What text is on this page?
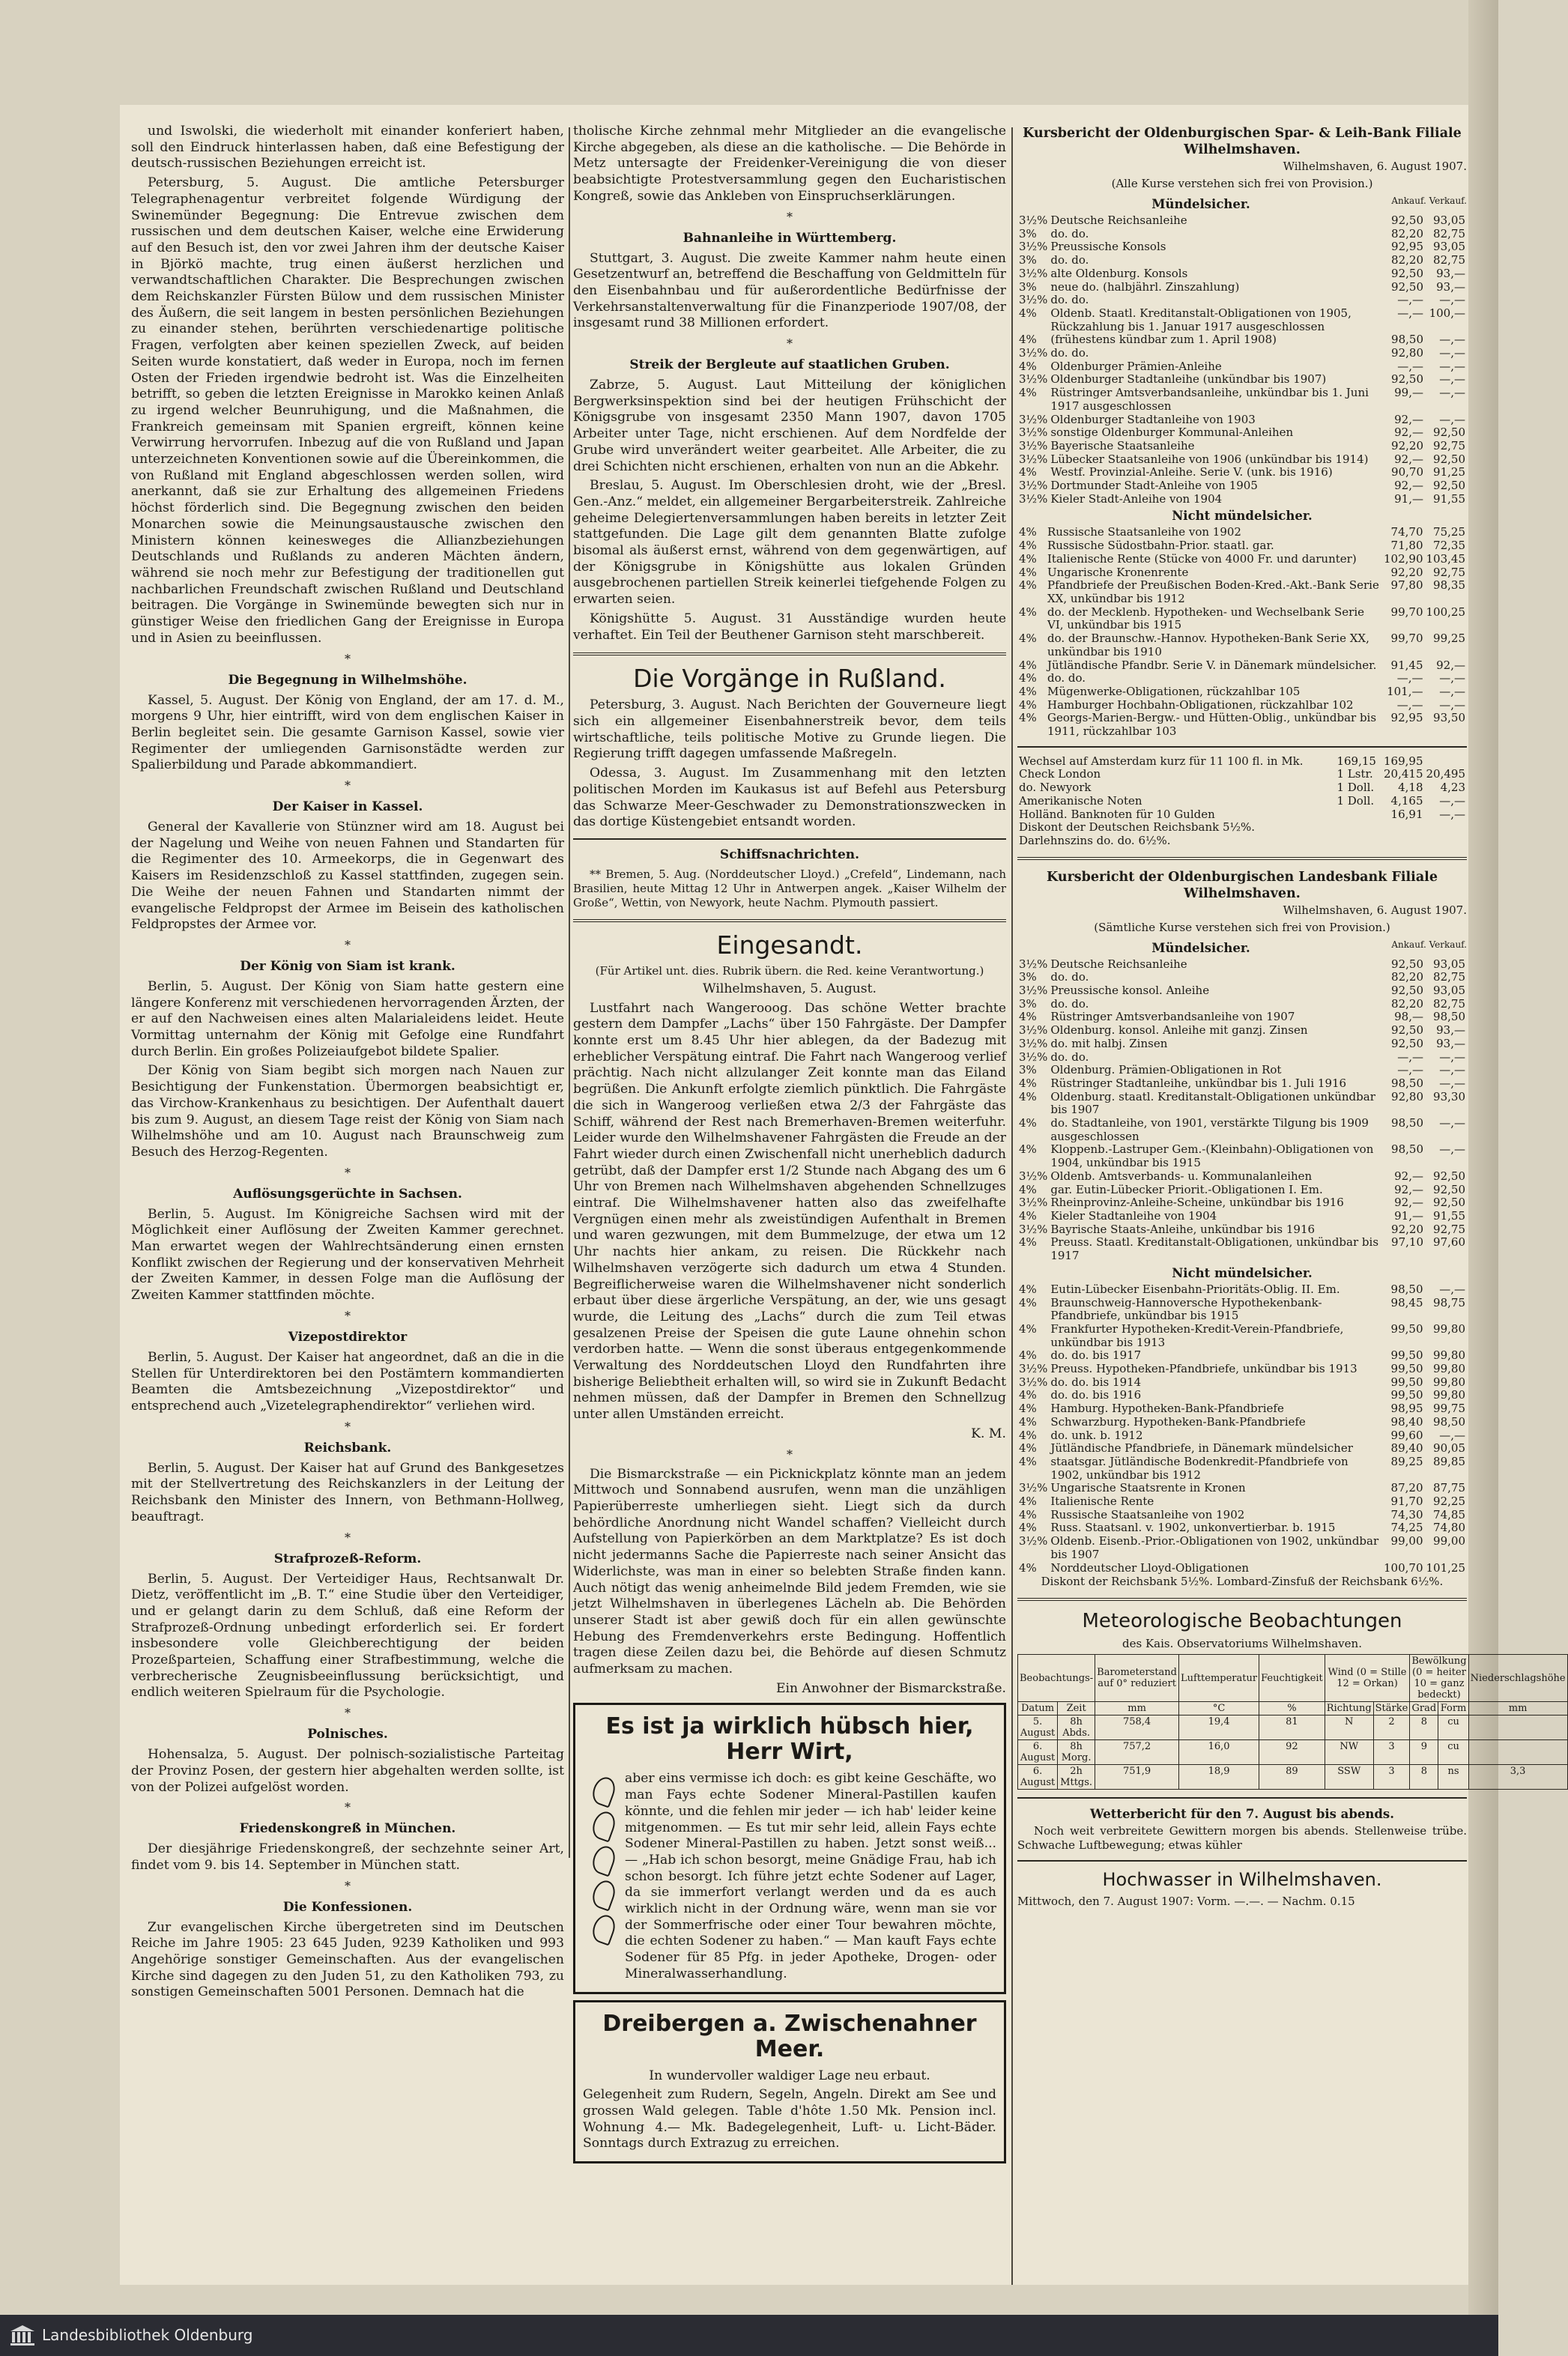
und Iswolski, die wiederholt mit einander konferiert haben, soll den Eindruck hinterlassen haben, daß eine Befestigung der deutsch-russischen Beziehungen erreicht ist.

Petersburg, 5. August. Die amtliche Petersburger Telegraphenagentur verbreitet folgende Würdigung der Swinemünder Begegnung: Die Entrevue zwischen dem russischen und dem deutschen Kaiser, welche eine Erwiderung auf den Besuch ist, den vor zwei Jahren ihm der deutsche Kaiser in Björkö machte, trug einen äußerst herzlichen und verwandtschaftlichen Charakter. Die Besprechungen zwischen dem Reichskanzler Fürsten Bülow und dem russischen Minister des Äußern, die seit langem in besten persönlichen Beziehungen zu einander stehen, berührten verschiedenartige politische Fragen, verfolgten aber keinen speziellen Zweck, auf beiden Seiten wurde konstatiert, daß weder in Europa, noch im fernen Osten der Frieden irgendwie bedroht ist. Was die Einzelheiten betrifft, so geben die letzten Ereignisse in Marokko keinen Anlaß zu irgend welcher Beunruhigung, und die Maßnahmen, die Frankreich gemeinsam mit Spanien ergreift, können keine Verwirrung hervorrufen. Inbezug auf die von Rußland und Japan unterzeichneten Konventionen sowie auf die Übereinkommen, die von Rußland mit England abgeschlossen werden sollen, wird anerkannt, daß sie zur Erhaltung des allgemeinen Friedens höchst förderlich sind. Die Begegnung zwischen den beiden Monarchen sowie die Meinungsaustausche zwischen den Ministern können keinesweges die Allianzbeziehungen Deutschlands und Rußlands zu anderen Mächten ändern, während sie noch mehr zur Befestigung der traditionellen gut nachbarlichen Freundschaft zwischen Rußland und Deutschland beitragen. Die Vorgänge in Swinemünde bewegten sich nur in günstiger Weise den friedlichen Gang der Ereignisse in Europa und in Asien zu beeinflussen.

*
Die Begegnung in Wilhelmshöhe.

Kassel, 5. August. Der König von England, der am 17. d. M., morgens 9 Uhr, hier eintrifft, wird von dem englischen Kaiser in Berlin begleitet sein. Die gesamte Garnison Kassel, sowie vier Regimenter der umliegenden Garnisonstädte werden zur Spalierbildung und Parade abkommandiert.

*
Der Kaiser in Kassel.

General der Kavallerie von Stünzner wird am 18. August bei der Nagelung und Weihe von neuen Fahnen und Standarten für die Regimenter des 10. Armeekorps, die in Gegenwart des Kaisers im Residenzschloß zu Kassel stattfinden, zugegen sein. Die Weihe der neuen Fahnen und Standarten nimmt der evangelische Feldpropst der Armee im Beisein des katholischen Feldpropstes der Armee vor.

*
Der König von Siam ist krank.

Berlin, 5. August. Der König von Siam hatte gestern eine längere Konferenz mit verschiedenen hervorragenden Ärzten, der er auf den Nachweisen eines alten Malarialeidens leidet. Heute Vormittag unternahm der König mit Gefolge eine Rundfahrt durch Berlin. Ein großes Polizeiaufgebot bildete Spalier.

Der König von Siam begibt sich morgen nach Nauen zur Besichtigung der Funkenstation. Übermorgen beabsichtigt er, das Virchow-Krankenhaus zu besichtigen. Der Aufenthalt dauert bis zum 9. August, an diesem Tage reist der König von Siam nach Wilhelmshöhe und am 10. August nach Braunschweig zum Besuch des Herzog-Regenten.

*
Auflösungsgerüchte in Sachsen.

Berlin, 5. August. Im Königreiche Sachsen wird mit der Möglichkeit einer Auflösung der Zweiten Kammer gerechnet. Man erwartet wegen der Wahlrechtsänderung einen ernsten Konflikt zwischen der Regierung und der konservativen Mehrheit der Zweiten Kammer, in dessen Folge man die Auflösung der Zweiten Kammer stattfinden möchte.

*
Vizepostdirektor

Berlin, 5. August. Der Kaiser hat angeordnet, daß an die in die Stellen für Unterdirektoren bei den Postämtern kommandierten Beamten die Amtsbezeichnung „Vizepostdirektor“ und entsprechend auch „Vizetelegraphendirektor“ verliehen wird.

*
Reichsbank.

Berlin, 5. August. Der Kaiser hat auf Grund des Bankgesetzes mit der Stellvertretung des Reichskanzlers in der Leitung der Reichsbank den Minister des Innern, von Bethmann-Hollweg, beauftragt.

*
Strafprozeß-Reform.

Berlin, 5. August. Der Verteidiger Haus, Rechtsanwalt Dr. Dietz, veröffentlicht im „B. T.“ eine Studie über den Verteidiger, und er gelangt darin zu dem Schluß, daß eine Reform der Strafprozeß-Ordnung unbedingt erforderlich sei. Er fordert insbesondere volle Gleichberechtigung der beiden Prozeßparteien, Schaffung einer Strafbestimmung, welche die verbrecherische Zeugnisbeeinflussung berücksichtigt, und endlich weiteren Spielraum für die Psychologie.

*
Polnisches.

Hohensalza, 5. August. Der polnisch-sozialistische Parteitag der Provinz Posen, der gestern hier abgehalten werden sollte, ist von der Polizei aufgelöst worden.

*
Friedenskongreß in München.

Der diesjährige Friedenskongreß, der sechzehnte seiner Art, findet vom 9. bis 14. September in München statt.

*
Die Konfessionen.

Zur evangelischen Kirche übergetreten sind im Deutschen Reiche im Jahre 1905: 23 645 Juden, 9239 Katholiken und 993 Angehörige sonstiger Gemeinschaften. Aus der evangelischen Kirche sind dagegen zu den Juden 51, zu den Katholiken 793, zu sonstigen Gemeinschaften 5001 Personen. Demnach hat die

tholische Kirche zehnmal mehr Mitglieder an die evangelische Kirche abgegeben, als diese an die katholische. — Die Behörde in Metz untersagte der Freidenker-Vereinigung die von dieser beabsichtigte Protestversammlung gegen den Eucharistischen Kongreß, sowie das Ankleben von Einspruchserklärungen.

*
Bahnanleihe in Württemberg.

Stuttgart, 3. August. Die zweite Kammer nahm heute einen Gesetzentwurf an, betreffend die Beschaffung von Geldmitteln für den Eisenbahnbau und für außerordentliche Bedürfnisse der Verkehrsanstaltenverwaltung für die Finanzperiode 1907/08, der insgesamt rund 38 Millionen erfordert.

*
Streik der Bergleute auf staatlichen Gruben.

Zabrze, 5. August. Laut Mitteilung der königlichen Bergwerksinspektion sind bei der heutigen Frühschicht der Königsgrube von insgesamt 2350 Mann 1907, davon 1705 Arbeiter unter Tage, nicht erschienen. Auf dem Nordfelde der Grube wird unverändert weiter gearbeitet. Alle Arbeiter, die zu drei Schichten nicht erschienen, erhalten von nun an die Abkehr.

Breslau, 5. August. Im Oberschlesien droht, wie der „Bresl. Gen.-Anz.“ meldet, ein allgemeiner Bergarbeiterstreik. Zahlreiche geheime Delegiertenversammlungen haben bereits in letzter Zeit stattgefunden. Die Lage gilt dem genannten Blatte zufolge bisomal als äußerst ernst, während von dem gegenwärtigen, auf der Königsgrube in Königshütte aus lokalen Gründen ausgebrochenen partiellen Streik keinerlei tiefgehende Folgen zu erwarten seien.

Königshütte 5. August. 31 Ausständige wurden heute verhaftet. Ein Teil der Beuthener Garnison steht marschbereit.

Die Vorgänge in Rußland.

Petersburg, 3. August. Nach Berichten der Gouverneure liegt sich ein allgemeiner Eisenbahnerstreik bevor, dem teils wirtschaftliche, teils politische Motive zu Grunde liegen. Die Regierung trifft dagegen umfassende Maßregeln.

Odessa, 3. August. Im Zusammenhang mit den letzten politischen Morden im Kaukasus ist auf Befehl aus Petersburg das Schwarze Meer-Geschwader zu Demonstrationszwecken in das dortige Küstengebiet entsandt worden.

Schiffsnachrichten.

** Bremen, 5. Aug. (Norddeutscher Lloyd.) „Crefeld“, Lindemann, nach Brasilien, heute Mittag 12 Uhr in Antwerpen angek. „Kaiser Wilhelm der Große“, Wettin, von Newyork, heute Nachm. Plymouth passiert.

Eingesandt.

(Für Artikel unt. dies. Rubrik übern. die Red. keine Verantwortung.)

Wilhelmshaven, 5. August.

Lustfahrt nach Wangerooog. Das schöne Wetter brachte gestern dem Dampfer „Lachs“ über 150 Fahrgäste. Der Dampfer konnte erst um 8.45 Uhr hier ablegen, da der Badezug mit erheblicher Verspätung eintraf. Die Fahrt nach Wangeroog verlief prächtig. Nach nicht allzulanger Zeit konnte man das Eiland begrüßen. Die Ankunft erfolgte ziemlich pünktlich. Die Fahrgäste die sich in Wangeroog verließen etwa 2/3 der Fahrgäste das Schiff, während der Rest nach Bremerhaven-Bremen weiterfuhr. Leider wurde den Wilhelmshavener Fahrgästen die Freude an der Fahrt wieder durch einen Zwischenfall nicht unerheblich dadurch getrübt, daß der Dampfer erst 1/2 Stunde nach Abgang des um 6 Uhr von Bremen nach Wilhelmshaven abgehenden Schnellzuges eintraf. Die Wilhelmshavener hatten also das zweifelhafte Vergnügen einen mehr als zweistündigen Aufenthalt in Bremen und waren gezwungen, mit dem Bummelzuge, der etwa um 12 Uhr nachts hier ankam, zu reisen. Die Rückkehr nach Wilhelmshaven verzögerte sich dadurch um etwa 4 Stunden. Begreiflicherweise waren die Wilhelmshavener nicht sonderlich erbaut über diese ärgerliche Verspätung, an der, wie uns gesagt wurde, die Leitung des „Lachs“ durch die zum Teil etwas gesalzenen Preise der Speisen die gute Laune ohnehin schon verdorben hatte. — Wenn die sonst überaus entgegenkommende Verwaltung des Norddeutschen Lloyd den Rundfahrten ihre bisherige Beliebtheit erhalten will, so wird sie in Zukunft Bedacht nehmen müssen, daß der Dampfer in Bremen den Schnellzug unter allen Umständen erreicht.

K. M.

*

Die Bismarckstraße — ein Picknickplatz könnte man an jedem Mittwoch und Sonnabend ausrufen, wenn man die unzähligen Papierüberreste umherliegen sieht. Liegt sich da durch behördliche Anordnung nicht Wandel schaffen? Vielleicht durch Aufstellung von Papierkörben an dem Marktplatze? Es ist doch nicht jedermanns Sache die Papierreste nach seiner Ansicht das Widerlichste, was man in einer so belebten Straße finden kann. Auch nötigt das wenig anheimelnde Bild jedem Fremden, wie sie jetzt Wilhelmshaven in überlegenes Lächeln ab. Die Behörden unserer Stadt ist aber gewiß doch für ein allen gewünschte Hebung des Fremdenverkehrs erste Bedingung. Hoffentlich tragen diese Zeilen dazu bei, die Behörde auf diesen Schmutz aufmerksam zu machen.

Ein Anwohner der Bismarckstraße.

Es ist ja wirklich hübsch hier, Herr Wirt,

aber eins vermisse ich doch: es gibt keine Geschäfte, wo man Fays echte Sodener Mineral-Pastillen kaufen könnte, und die fehlen mir jeder — ich hab' leider keine mitgenommen. — Es tut mir sehr leid, allein Fays echte Sodener Mineral-Pastillen zu haben. Jetzt sonst weiß... — „Hab ich schon besorgt, meine Gnädige Frau, hab ich schon besorgt. Ich führe jetzt echte Sodener auf Lager, da sie immerfort verlangt werden und da es auch wirklich nicht in der Ordnung wäre, wenn man sie vor der Sommerfrische oder einer Tour bewahren möchte, die echten Sodener zu haben.“ — Man kauft Fays echte Sodener für 85 Pfg. in jeder Apotheke, Drogen- oder Mineralwasserhandlung.

Dreibergen a. Zwischenahner Meer.

In wundervoller waldiger Lage neu erbaut.

Gelegenheit zum Rudern, Segeln, Angeln. Direkt am See und grossen Wald gelegen. Table d'hôte 1.50 Mk. Pension incl. Wohnung 4.— Mk. Badegelegenheit, Luft- u. Licht-Bäder. Sonntags durch Extrazug zu erreichen.

Kursbericht der Oldenburgischen Spar- & Leih-Bank Filiale Wilhelmshaven.

Wilhelmshaven, 6. August 1907.

(Alle Kurse verstehen sich frei von Provision.)

Mündelsicher.	Ankauf. Verkauf.
3½%	Deutsche Reichsanleihe	92,50	93,05
3%	do. do.	82,20	82,75
3½%	Preussische Konsols	92,95	93,05
3%	do. do.	82,20	82,75
3½%	alte Oldenburg. Konsols	92,50	93,—
3%	neue do. (halbjährl. Zinszahlung)	92,50	93,—
3½%	do. do.	—,—	—,—
4%	Oldenb. Staatl. Kreditanstalt-Obligationen von 1905, Rückzahlung bis 1. Januar 1917 ausgeschlossen	—,—	100,—
4%	(frühestens kündbar zum 1. April 1908)	98,50	—,—
3½%	do. do.	92,80	—,—
4%	Oldenburger Prämien-Anleihe	—,—	—,—
3½%	Oldenburger Stadtanleihe (unkündbar bis 1907)	92,50	—,—
4%	Rüstringer Amtsverbandsanleihe, unkündbar bis 1. Juni 1917 ausgeschlossen	99,—	—,—
3½%	Oldenburger Stadtanleihe von 1903	92,—	—,—
3½%	sonstige Oldenburger Kommunal-Anleihen	92,—	92,50
3½%	Bayerische Staatsanleihe	92,20	92,75
3½%	Lübecker Staatsanleihe von 1906 (unkündbar bis 1914)	92,—	92,50
4%	Westf. Provinzial-Anleihe. Serie V. (unk. bis 1916)	90,70	91,25
3½%	Dortmunder Stadt-Anleihe von 1905	92,—	92,50
3½%	Kieler Stadt-Anleihe von 1904	91,—	91,55
Nicht mündelsicher.
4%	Russische Staatsanleihe von 1902	74,70	75,25
4%	Russische Südostbahn-Prior. staatl. gar.	71,80	72,35
4%	Italienische Rente (Stücke von 4000 Fr. und darunter)	102,90	103,45
4%	Ungarische Kronenrente	92,20	92,75
4%	Pfandbriefe der Preußischen Boden-Kred.-Akt.-Bank Serie XX, unkündbar bis 1912	97,80	98,35
4%	do. der Mecklenb. Hypotheken- und Wechselbank Serie VI, unkündbar bis 1915	99,70	100,25
4%	do. der Braunschw.-Hannov. Hypotheken-Bank Serie XX, unkündbar bis 1910	99,70	99,25
4%	Jütländische Pfandbr. Serie V. in Dänemark mündelsicher.	91,45	92,—
4%	do. do.	—,—	—,—
4%	Mügenwerke-Obligationen, rückzahlbar 105	101,—	—,—
4%	Hamburger Hochbahn-Obligationen, rückzahlbar 102	—,—	—,—
4%	Georgs-Marien-Bergw.- und Hütten-Oblig., unkündbar bis 1911, rückzahlbar 103	92,95	93,50
Wechsel auf Amsterdam kurz für 11 100 fl. in Mk.	169,15	169,95	
Check London	1 Lstr.	20,415	20,495
do. Newyork	1 Doll.	4,18	4,23
Amerikanische Noten	1 Doll.	4,165	—,—
Holländ. Banknoten für 10 Gulden		16,91	—,—
Diskont der Deutschen Reichsbank 5½%.			
Darlehnszins do. do. 6½%.			
Kursbericht der Oldenburgischen Landesbank Filiale Wilhelmshaven.

Wilhelmshaven, 6. August 1907.

(Sämtliche Kurse verstehen sich frei von Provision.)

Mündelsicher.	Ankauf. Verkauf.
3½%	Deutsche Reichsanleihe	92,50	93,05
3%	do. do.	82,20	82,75
3½%	Preussische konsol. Anleihe	92,50	93,05
3%	do. do.	82,20	82,75
4%	Rüstringer Amtsverbandsanleihe von 1907	98,—	98,50
3½%	Oldenburg. konsol. Anleihe mit ganzj. Zinsen	92,50	93,—
3½%	do. mit halbj. Zinsen	92,50	93,—
3½%	do. do.	—,—	—,—
3%	Oldenburg. Prämien-Obligationen in Rot	—,—	—,—
4%	Rüstringer Stadtanleihe, unkündbar bis 1. Juli 1916	98,50	—,—
4%	Oldenburg. staatl. Kreditanstalt-Obligationen unkündbar bis 1907	92,80	93,30
4%	do. Stadtanleihe, von 1901, verstärkte Tilgung bis 1909 ausgeschlossen	98,50	—,—
4%	Kloppenb.-Lastruper Gem.-(Kleinbahn)-Obligationen von 1904, unkündbar bis 1915	98,50	—,—
3½%	Oldenb. Amtsverbands- u. Kommunalanleihen	92,—	92,50
4%	gar. Eutin-Lübecker Priorit.-Obligationen I. Em.	92,—	92,50
3½%	Rheinprovinz-Anleihe-Scheine, unkündbar bis 1916	92,—	92,50
4%	Kieler Stadtanleihe von 1904	91,—	91,55
3½%	Bayrische Staats-Anleihe, unkündbar bis 1916	92,20	92,75
4%	Preuss. Staatl. Kreditanstalt-Obligationen, unkündbar bis 1917	97,10	97,60
Nicht mündelsicher.
4%	Eutin-Lübecker Eisenbahn-Prioritäts-Oblig. II. Em.	98,50	—,—
4%	Braunschweig-Hannoversche Hypothekenbank-Pfandbriefe, unkündbar bis 1915	98,45	98,75
4%	Frankfurter Hypotheken-Kredit-Verein-Pfandbriefe, unkündbar bis 1913	99,50	99,80
4%	do. do. bis 1917	99,50	99,80
3½%	Preuss. Hypotheken-Pfandbriefe, unkündbar bis 1913	99,50	99,80
3½%	do. do. bis 1914	99,50	99,80
4%	do. do. bis 1916	99,50	99,80
4%	Hamburg. Hypotheken-Bank-Pfandbriefe	98,95	99,75
4%	Schwarzburg. Hypotheken-Bank-Pfandbriefe	98,40	98,50
4%	do. unk. b. 1912	99,60	—,—
4%	Jütländische Pfandbriefe, in Dänemark mündelsicher	89,40	90,05
4%	staatsgar. Jütländische Bodenkredit-Pfandbriefe von 1902, unkündbar bis 1912	89,25	89,85
3½%	Ungarische Staatsrente in Kronen	87,20	87,75
4%	Italienische Rente	91,70	92,25
4%	Russische Staatsanleihe von 1902	74,30	74,85
4%	Russ. Staatsanl. v. 1902, unkonvertierbar. b. 1915	74,25	74,80
3½%	Oldenb. Eisenb.-Prior.-Obligationen von 1902, unkündbar bis 1907	99,00	99,00
4%	Norddeutscher Lloyd-Obligationen	100,70	101,25

Diskont der Reichsbank 5½%. Lombard-Zinsfuß der Reichsbank 6½%.

Meteorologische Beobachtungen

des Kais. Observatoriums Wilhelmshaven.

Beobachtungs-		Barometerstand auf 0° reduziert	Lufttemperatur	Feuchtigkeit	Wind (0 = Stille 12 = Orkan)		Bewölkung (0 = heiter 10 = ganz bedeckt)		Niederschlagshöhe
Datum	Zeit	mm	°C	%	Richtung	Stärke	Grad	Form	mm
5. August	8h Abds.	758,4	19,4	81	N	2	8	cu	
6. August	8h Morg.	757,2	16,0	92	NW	3	9	cu	
6. August	2h Mttgs.	751,9	18,9	89	SSW	3	8	ns	3,3
Wetterbericht für den 7. August bis abends.

Noch weit verbreitete Gewittern morgen bis abends. Stellenweise trübe. Schwache Luftbewegung; etwas kühler

Hochwasser in Wilhelmshaven.

Mittwoch, den 7. August 1907: Vorm. —.—. — Nachm. 0.15

Landesbibliothek Oldenburg
